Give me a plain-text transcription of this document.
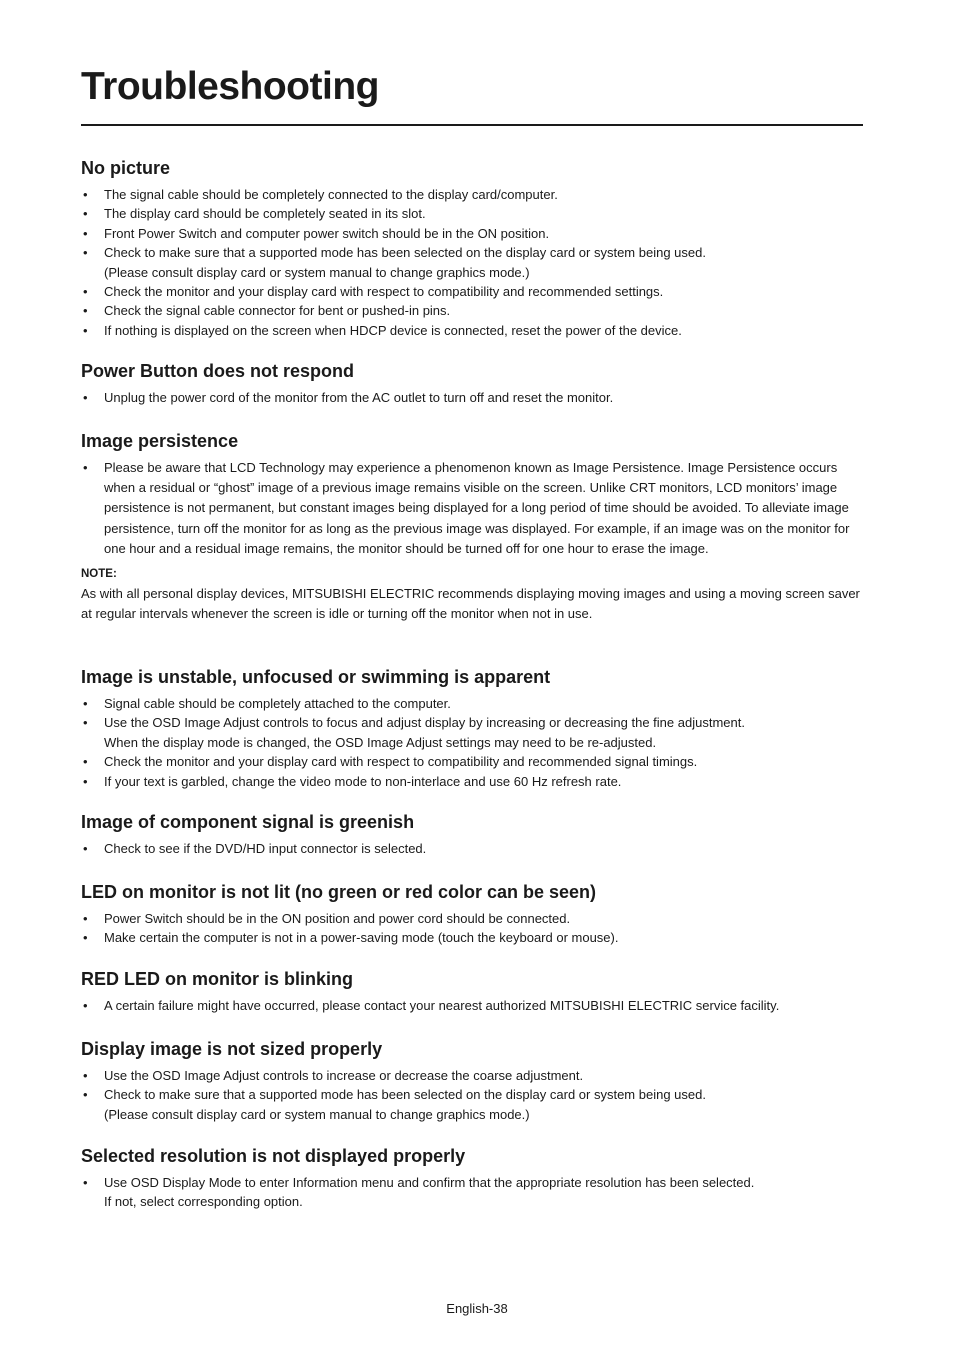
Troubleshooting
No picture
• The signal cable should be completely connected to the display card/computer.
• The display card should be completely seated in its slot.
• Front Power Switch and computer power switch should be in the ON position.
• Check to make sure that a supported mode has been selected on the display card or system being used.
(Please consult display card or system manual to change graphics mode.)
• Check the monitor and your display card with respect to compatibility and recommended settings.
• Check the signal cable connector for bent or pushed-in pins.
• If nothing is displayed on the screen when HDCP device is connected, reset the power of the device.
Power Button does not respond
• Unplug the power cord of the monitor from the AC outlet to turn off and reset the monitor.
Image persistence
• Please be aware that LCD Technology may experience a phenomenon known as Image Persistence. Image Persistence occurs when a residual or “ghost” image of a previous image remains visible on the screen. Unlike CRT monitors, LCD monitors’ image persistence is not permanent, but constant images being displayed for a long period of time should be avoided. To alleviate image persistence, turn off the monitor for as long as the previous image was displayed. For example, if an image was on the monitor for one hour and a residual image remains, the monitor should be turned off for one hour to erase the image.
NOTE:
As with all personal display devices, MITSUBISHI ELECTRIC recommends displaying moving images and using a moving screen saver at regular intervals whenever the screen is idle or turning off the monitor when not in use.
Image is unstable, unfocused or swimming is apparent
• Signal cable should be completely attached to the computer.
• Use the OSD Image Adjust controls to focus and adjust display by increasing or decreasing the fine adjustment.
When the display mode is changed, the OSD Image Adjust settings may need to be re-adjusted.
• Check the monitor and your display card with respect to compatibility and recommended signal timings.
• If your text is garbled, change the video mode to non-interlace and use 60 Hz refresh rate.
Image of component signal is greenish
• Check to see if the DVD/HD input connector is selected.
LED on monitor is not lit (no green or red color can be seen)
• Power Switch should be in the ON position and power cord should be connected.
• Make certain the computer is not in a power-saving mode (touch the keyboard or mouse).
RED LED on monitor is blinking
• A certain failure might have occurred, please contact your nearest authorized MITSUBISHI ELECTRIC service facility.
Display image is not sized properly
• Use the OSD Image Adjust controls to increase or decrease the coarse adjustment.
• Check to make sure that a supported mode has been selected on the display card or system being used.
(Please consult display card or system manual to change graphics mode.)
Selected resolution is not displayed properly
• Use OSD Display Mode to enter Information menu and confirm that the appropriate resolution has been selected.
If not, select corresponding option.
English-38
